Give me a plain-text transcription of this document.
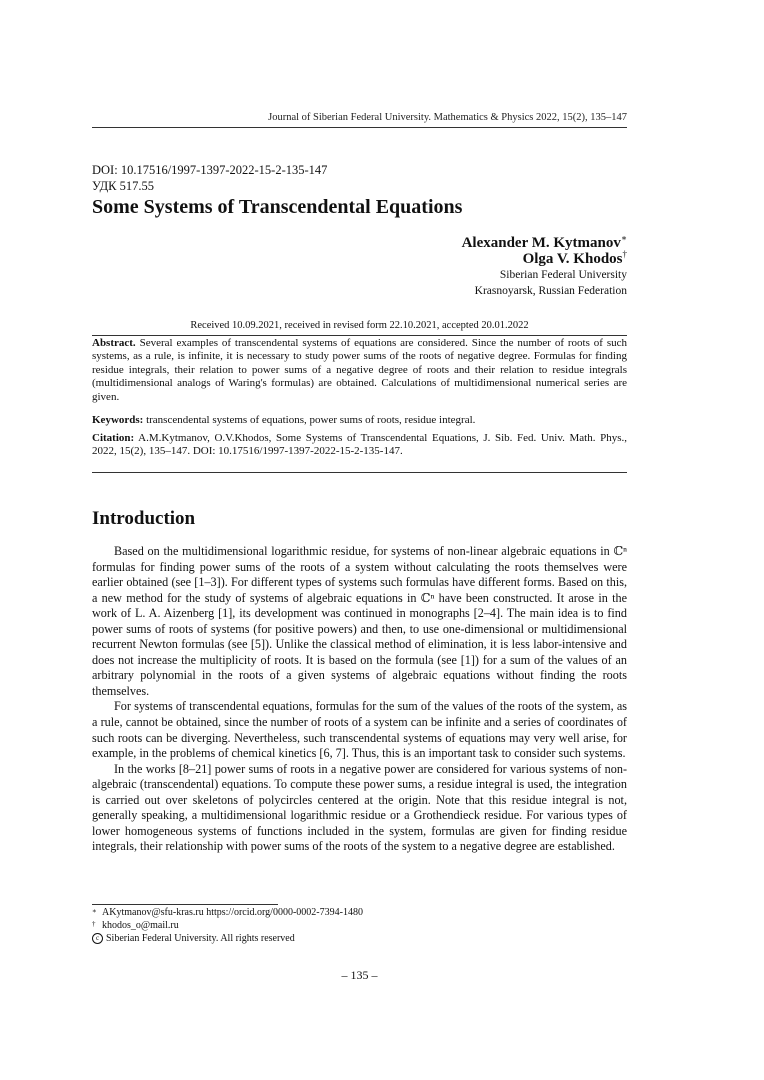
Journal of Siberian Federal University. Mathematics & Physics 2022, 15(2), 135–147
DOI: 10.17516/1997-1397-2022-15-2-135-147
УДК 517.55
Some Systems of Transcendental Equations
Alexander M. Kytmanov∗
Olga V. Khodos†
Siberian Federal University
Krasnoyarsk, Russian Federation
Received 10.09.2021, received in revised form 22.10.2021, accepted 20.01.2022
Abstract. Several examples of transcendental systems of equations are considered. Since the number of roots of such systems, as a rule, is infinite, it is necessary to study power sums of the roots of negative degree. Formulas for finding residue integrals, their relation to power sums of a negative degree of roots and their relation to residue integrals (multidimensional analogs of Waring's formulas) are obtained. Calculations of multidimensional numerical series are given.
Keywords: transcendental systems of equations, power sums of roots, residue integral.
Citation: A.M.Kytmanov, O.V.Khodos, Some Systems of Transcendental Equations, J. Sib. Fed. Univ. Math. Phys., 2022, 15(2), 135–147. DOI: 10.17516/1997-1397-2022-15-2-135-147.
Introduction

Based on the multidimensional logarithmic residue, for systems of non-linear algebraic equations in ℂⁿ formulas for finding power sums of the roots of a system without calculating the roots themselves were earlier obtained (see [1–3]). For different types of systems such formulas have different forms. Based on this, a new method for the study of systems of algebraic equations in ℂⁿ have been constructed. It arose in the work of L. A. Aizenberg [1], its development was continued in monographs [2–4]. The main idea is to find power sums of roots of systems (for positive powers) and then, to use one-dimensional or multidimensional recurrent Newton formulas (see [5]). Unlike the classical method of elimination, it is less labor-intensive and does not increase the multiplicity of roots. It is based on the formula (see [1]) for a sum of the values of an arbitrary polynomial in the roots of a given systems of algebraic equations without finding the roots themselves.

For systems of transcendental equations, formulas for the sum of the values of the roots of the system, as a rule, cannot be obtained, since the number of roots of a system can be infinite and a series of coordinates of such roots can be diverging. Nevertheless, such transcendental systems of equations may very well arise, for example, in the problems of chemical kinetics [6, 7]. Thus, this is an important task to consider such systems.

In the works [8–21] power sums of roots in a negative power are considered for various systems of non-algebraic (transcendental) equations. To compute these power sums, a residue integral is used, the integration is carried out over skeletons of polycircles centered at the origin. Note that this residue integral is not, generally speaking, a multidimensional logarithmic residue or a Grothendieck residue. For various types of lower homogeneous systems of functions included in the system, formulas are given for finding residue integrals, their relationship with power sums of the roots of the system to a negative degree are established.

∗ AKytmanov@sfu-kras.ru https://orcid.org/0000-0002-7394-1480
† khodos_o@mail.ru
c Siberian Federal University. All rights reserved
– 135 –
